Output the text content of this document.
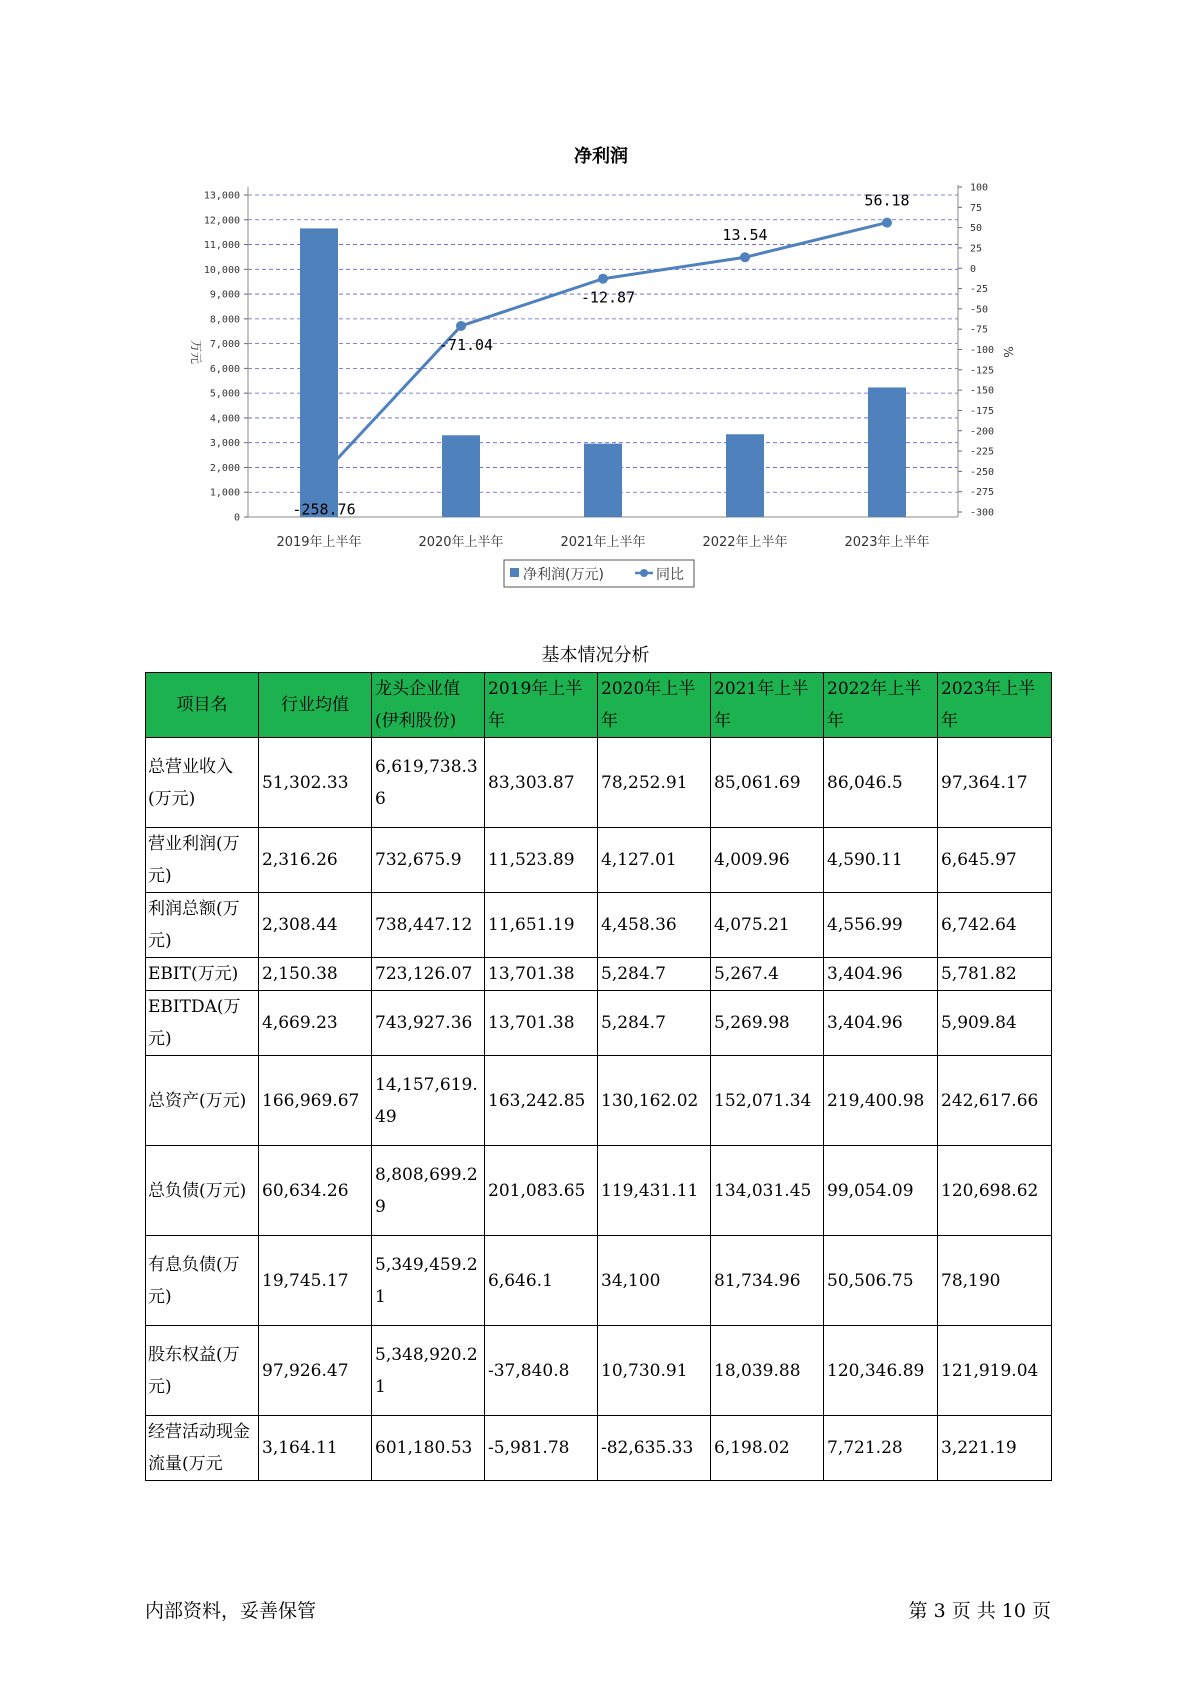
净利润
0
1,000
2,000
3,000
4,000
5,000
6,000
7,000
8,000
9,000
10,000
11,000
12,000
13,000
-300
-275
-250
-225
-200
-175
-150
-125
-100
-75
-50
-25
0
25
50
75
100
万元	%
2019年上半年	2020年上半年	2021年上半年	2022年上半年	2023年上半年
-258.76
-71.04
-12.87
13.54
56.18
净利润(万元)	同比
基本情况分析
项目名	行业均值	龙头企业值(伊利股份)	2019年上半年	2020年上半年	2021年上半年	2022年上半年	2023年上半年
总营业收入(万元)	51,302.33	6,619,738.36	83,303.87	78,252.91	85,061.69	86,046.5	97,364.17
营业利润(万元)	2,316.26	732,675.9	11,523.89	4,127.01	4,009.96	4,590.11	6,645.97
利润总额(万元)	2,308.44	738,447.12	11,651.19	4,458.36	4,075.21	4,556.99	6,742.64
EBIT(万元)	2,150.38	723,126.07	13,701.38	5,284.7	5,267.4	3,404.96	5,781.82
EBITDA(万元)	4,669.23	743,927.36	13,701.38	5,284.7	5,269.98	3,404.96	5,909.84
总资产(万元)	166,969.67	14,157,619.49	163,242.85	130,162.02	152,071.34	219,400.98	242,617.66
总负债(万元)	60,634.26	8,808,699.29	201,083.65	119,431.11	134,031.45	99,054.09	120,698.62
有息负债(万元)	19,745.17	5,349,459.21	6,646.1	34,100	81,734.96	50,506.75	78,190
股东权益(万元)	97,926.47	5,348,920.21	-37,840.8	10,730.91	18,039.88	120,346.89	121,919.04
经营活动现金流量(万元	3,164.11	601,180.53	-5,981.78	-82,635.33	6,198.02	7,721.28	3,221.19
内部资料，妥善保管	第 3 页 共 10 页
